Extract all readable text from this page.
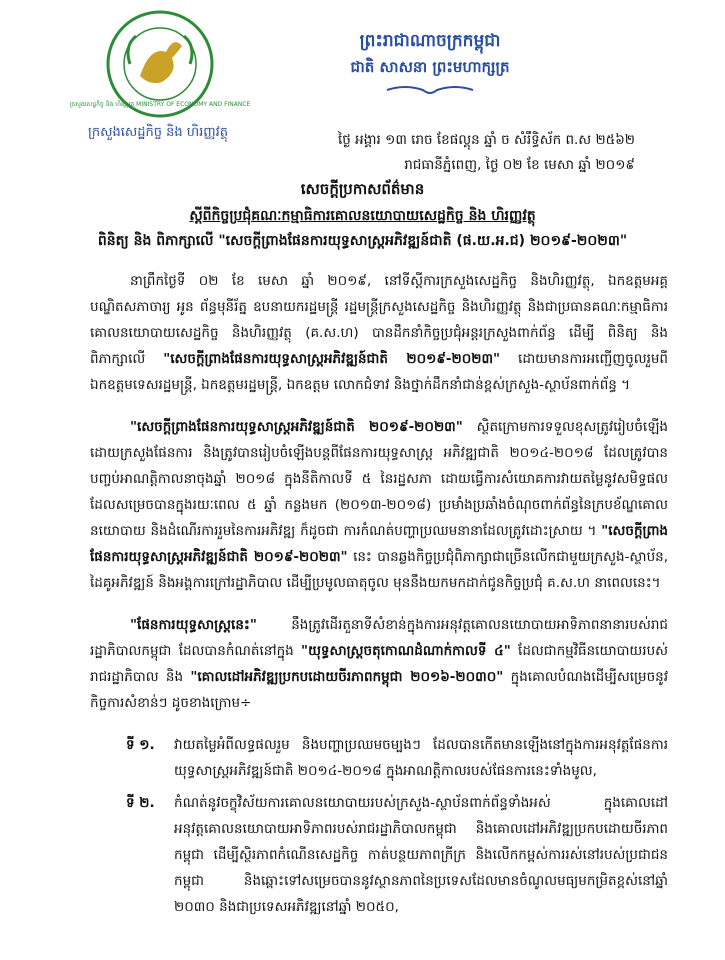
ក្រសួងសេដ្ឋកិច្ច និង ហិរញ្ញវត្ថុ MINISTRY OF ECONOMY AND FINANCE
ក្រសួងសេដ្ឋកិច្ច និង ហិរញ្ញវត្ថុ
ព្រះរាជាណាចក្រកម្ពុជា
ជាតិ សាសនា ព្រះមហាក្សត្រ
ថ្ងៃ អង្គារ ១៣ រោច ខែផល្គុន ឆ្នាំ ច សំរឹទ្ធិស័ក ព.ស ២៥៦២
រាជធានីភ្នំពេញ, ថ្ងៃ ០២ ខែ មេសា ឆ្នាំ ២០១៩
សេចក្ដីប្រកាសព័ត៌មាន
ស្ដីពីកិច្ចប្រជុំគណៈកម្មាធិការគោលនយោបាយសេដ្ឋកិច្ច និង ហិរញ្ញវត្ថុ
ពិនិត្យ និង ពិភាក្សាលើ "សេចក្ដីព្រាងផែនការយុទ្ធសាស្ត្រអភិវឌ្ឍន៍ជាតិ (ផ.យ.អ.ជ) ២០១៩-២០២៣"

នាព្រឹកថ្ងៃទី ០២ ខែ មេសា ឆ្នាំ ២០១៩, នៅទីស្ដីការក្រសួងសេដ្ឋកិច្ច និងហិរញ្ញវត្ថុ, ឯកឧត្ដមអគ្គបណ្ឌិតសភាចារ្យ អូន ព័ន្ធមុនីរ័ត្ន ឧបនាយករដ្ឋមន្ត្រី រដ្ឋមន្ត្រីក្រសួងសេដ្ឋកិច្ច និងហិរញ្ញវត្ថុ និងជាប្រធានគណៈកម្មាធិការគោលនយោបាយសេដ្ឋកិច្ច និងហិរញ្ញវត្ថុ (គ.ស.ហ) បានដឹកនាំកិច្ចប្រជុំអន្តរក្រសួងពាក់ព័ន្ធ ដើម្បី ពិនិត្យ និង ពិភាក្សាលើ "សេចក្ដីព្រាងផែនការយុទ្ធសាស្ត្រអភិវឌ្ឍន៍ជាតិ ២០១៩-២០២៣" ដោយមានការអញ្ជើញចូលរួមពីឯកឧត្ដមទេសរដ្ឋមន្ត្រី, ឯកឧត្ដមរដ្ឋមន្ត្រី, ឯកឧត្ដម លោកជំទាវ និងថ្នាក់ដឹកនាំជាន់ខ្ពស់ក្រសួង-ស្ថាប័នពាក់ព័ន្ធ ។

"សេចក្ដីព្រាងផែនការយុទ្ធសាស្ត្រអភិវឌ្ឍន៍ជាតិ ២០១៩-២០២៣" ស្ថិតក្រោមការទទួលខុសត្រូវរៀបចំឡើងដោយក្រសួងផែនការ និងត្រូវបានរៀបចំឡើងបន្តពីផែនការយុទ្ធសាស្ត្រ អភិវឌ្ឍជាតិ ២០១៤-២០១៨ ដែលត្រូវបានបញ្ចប់អាណត្តិកាលនាចុងឆ្នាំ ២០១៨ ក្នុងនីតិកាលទី ៥ នៃរដ្ឋសភា ដោយធ្វើការសំយោគការវាយតម្លៃនូវសមិទ្ធផលដែលសម្រេចបានក្នុងរយៈពេល ៥ ឆ្នាំ កន្លងមក (២០១៣-២០១៨) ប្រមាំងប្រឆាំងចំណុចពាក់ព័ន្ធនៃក្របខ័ណ្ឌគោលនយោបាយ និងដំណើរការរួមនៃការអភិវឌ្ឍ ក៏ដូចជា ការកំណត់បញ្ហាប្រឈមនានាដែលត្រូវដោះស្រាយ ។ "សេចក្ដីព្រាងផែនការយុទ្ធសាស្ត្រអភិវឌ្ឍន៍ជាតិ ២០១៩-២០២៣" នេះ បានឆ្លងកិច្ចប្រជុំពិភាក្សាជាច្រើនលើកជាមួយក្រសួង-ស្ថាប័ន, ដៃគូអភិវឌ្ឍន៍ និងអង្គការក្រៅរដ្ឋាភិបាល ដើម្បីប្រមូលធាតុចូល មុននឹងយកមកដាក់ជូនកិច្ចប្រជុំ គ.ស.ហ នាពេលនេះ។

"ផែនការយុទ្ធសាស្ត្រនេះ"	នឹងត្រូវដើរតួនាទីសំខាន់ក្នុងការអនុវត្តគោលនយោបាយអាទិភាពនានារបស់រាជរដ្ឋាភិបាលកម្ពុជា ដែលបានកំណត់នៅក្នុង "យុទ្ធសាស្ត្រចតុកោណដំណាក់កាលទី ៤" ដែលជាកម្មវិធីនយោបាយរបស់រាជរដ្ឋាភិបាល និង "គោលដៅអភិវឌ្ឍប្រកបដោយចីរភាពកម្ពុជា ២០១៦-២០៣០" ក្នុងគោលបំណងដើម្បីសម្រេចនូវកិច្ចការសំខាន់ៗ ដូចខាងក្រោម÷

ទី ១.	វាយតម្លៃអំពីលទ្ធផលរួម និងបញ្ហាប្រឈមចម្បងៗ ដែលបានកើតមានឡើងនៅក្នុងការអនុវត្តផែនការយុទ្ធសាស្ត្រអភិវឌ្ឍន៍ជាតិ ២០១៤-២០១៨ ក្នុងអាណត្តិកាលរបស់ផែនការនេះទាំងមូល,
ទី ២.	កំណត់នូវចក្ខុវិស័យការគោលនយោបាយរបស់ក្រសួង-ស្ថាប័នពាក់ព័ន្ធទាំងអស់ ក្នុងគោលដៅអនុវត្តគោលនយោបាយអាទិភាពរបស់រាជរដ្ឋាភិបាលកម្ពុជា និងគោលដៅអភិវឌ្ឍប្រកបដោយចីរភាពកម្ពុជា ដើម្បីស្ថិរភាពកំណើនសេដ្ឋកិច្ច កាត់បន្ថយភាពក្រីក្រ និងលើកកម្ពស់ការរស់នៅរបស់ប្រជាជនកម្ពុជា និងឆ្ពោះទៅសម្រេចបាននូវស្ថានភាពនៃប្រទេសដែលមានចំណូលមធ្យមកម្រិតខ្ពស់នៅឆ្នាំ ២០៣០ និងជាប្រទេសអភិវឌ្ឍនៅឆ្នាំ ២០៥០,
